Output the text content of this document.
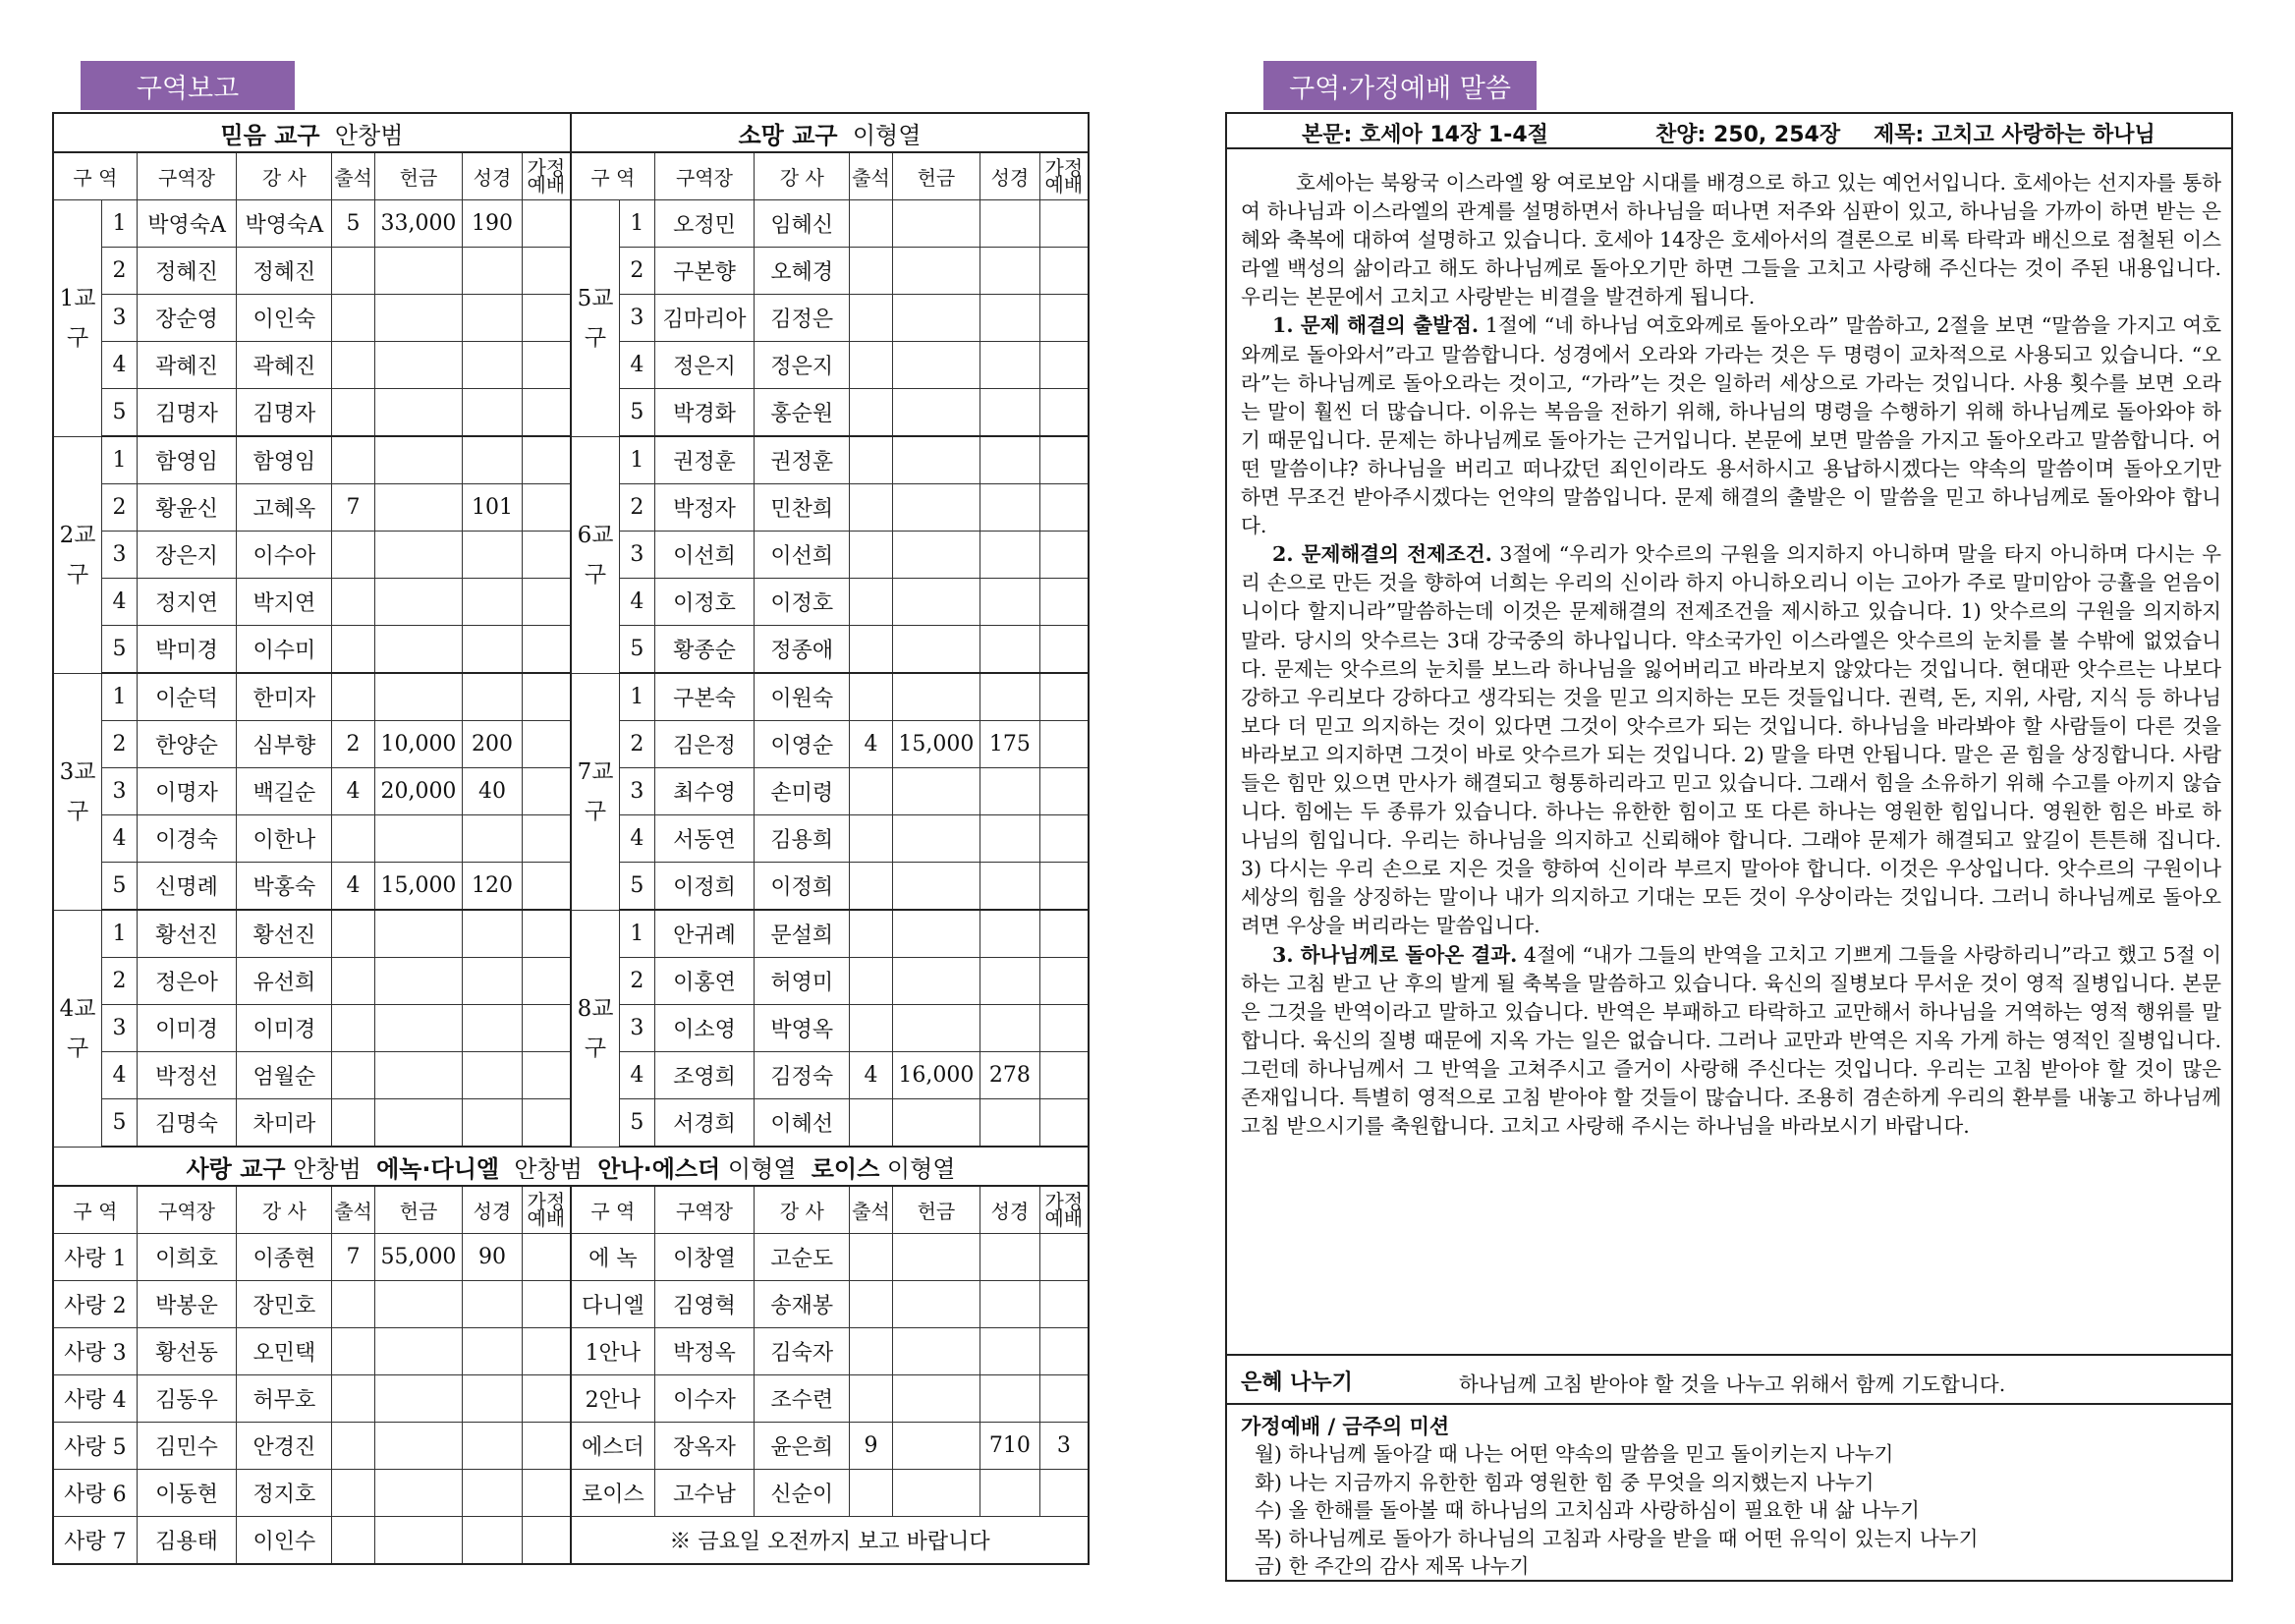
구역보고	구역·가정예배 말씀
믿음 교구 안창범								소망 교구 이형열							
구 역		구역장	강 사	출석	헌금	성경	가정예배	구 역		구역장	강 사	출석	헌금	성경	가정예배
1교구	1	박영숙A	박영숙A	5	33,000	190		5교구	1	오정민	임혜신				
	2	정혜진	정혜진						2	구본향	오혜경				
	3	장순영	이인숙						3	김마리아	김정은				
	4	곽혜진	곽혜진						4	정은지	정은지				
	5	김명자	김명자						5	박경화	홍순원				
2교구	1	함영임	함영임					6교구	1	권정훈	권정훈				
	2	황윤신	고혜옥	7		101			2	박정자	민찬희				
	3	장은지	이수아						3	이선희	이선희				
	4	정지연	박지연						4	이정호	이정호				
	5	박미경	이수미						5	황종순	정종애				
3교구	1	이순덕	한미자					7교구	1	구본숙	이원숙				
	2	한양순	심부향	2	10,000	200			2	김은정	이영순	4	15,000	175	
	3	이명자	백길순	4	20,000	40			3	최수영	손미령				
	4	이경숙	이한나						4	서동연	김용희				
	5	신명례	박홍숙	4	15,000	120			5	이정희	이정희				
4교구	1	황선진	황선진					8교구	1	안귀례	문설희				
	2	정은아	유선희						2	이홍연	허영미				
	3	이미경	이미경						3	이소영	박영옥				
	4	박정선	엄월순						4	조영희	김정숙	4	16,000	278	
	5	김명숙	차미라						5	서경희	이혜선				
사랑 교구 안창범 에녹·다니엘 안창범 안나·에스더 이형열 로이스 이형열															
구 역		구역장	강 사	출석	헌금	성경	가정예배	구 역		구역장	강 사	출석	헌금	성경	가정예배
사랑 1		이희호	이종현	7	55,000	90		에 녹		이창열	고순도				
사랑 2		박봉운	장민호					다니엘		김영혁	송재봉				
사랑 3		황선동	오민택					1안나		박정옥	김숙자				
사랑 4		김동우	허무호					2안나		이수자	조수련				
사랑 5		김민수	안경진					에스더		장옥자	윤은희	9		710	3
사랑 6		이동현	정지호					로이스		고수남	신순이				
사랑 7		김용태	이인수					※ 금요일 오전까지 보고 바랍니다							
본문: 호세아 14장 1-4절	찬양: 250, 254장 제목: 고치고 사랑하는 하나님

호세아는 북왕국 이스라엘 왕 여로보암 시대를 배경으로 하고 있는 예언서입니다. 호세아는 선지자를 통하여 하나님과 이스라엘의 관계를 설명하면서 하나님을 떠나면 저주와 심판이 있고, 하나님을 가까이 하면 받는 은혜와 축복에 대하여 설명하고 있습니다. 호세아 14장은 호세아서의 결론으로 비록 타락과 배신으로 점철된 이스라엘 백성의 삶이라고 해도 하나님께로 돌아오기만 하면 그들을 고치고 사랑해 주신다는 것이 주된 내용입니다. 우리는 본문에서 고치고 사랑받는 비결을 발견하게 됩니다.

1. 문제 해결의 출발점. 1절에 “네 하나님 여호와께로 돌아오라” 말씀하고, 2절을 보면 “말씀을 가지고 여호와께로 돌아와서”라고 말씀합니다. 성경에서 오라와 가라는 것은 두 명령이 교차적으로 사용되고 있습니다. “오라”는 하나님께로 돌아오라는 것이고, “가라”는 것은 일하러 세상으로 가라는 것입니다. 사용 횟수를 보면 오라는 말이 훨씬 더 많습니다. 이유는 복음을 전하기 위해, 하나님의 명령을 수행하기 위해 하나님께로 돌아와야 하기 때문입니다. 문제는 하나님께로 돌아가는 근거입니다. 본문에 보면 말씀을 가지고 돌아오라고 말씀합니다. 어떤 말씀이냐? 하나님을 버리고 떠나갔던 죄인이라도 용서하시고 용납하시겠다는 약속의 말씀이며 돌아오기만 하면 무조건 받아주시겠다는 언약의 말씀입니다. 문제 해결의 출발은 이 말씀을 믿고 하나님께로 돌아와야 합니다.

2. 문제해결의 전제조건. 3절에 “우리가 앗수르의 구원을 의지하지 아니하며 말을 타지 아니하며 다시는 우리 손으로 만든 것을 향하여 너희는 우리의 신이라 하지 아니하오리니 이는 고아가 주로 말미암아 긍휼을 얻음이니이다 할지니라”말씀하는데 이것은 문제해결의 전제조건을 제시하고 있습니다. 1) 앗수르의 구원을 의지하지 말라. 당시의 앗수르는 3대 강국중의 하나입니다. 약소국가인 이스라엘은 앗수르의 눈치를 볼 수밖에 없었습니다. 문제는 앗수르의 눈치를 보느라 하나님을 잃어버리고 바라보지 않았다는 것입니다. 현대판 앗수르는 나보다 강하고 우리보다 강하다고 생각되는 것을 믿고 의지하는 모든 것들입니다. 권력, 돈, 지위, 사람, 지식 등 하나님보다 더 믿고 의지하는 것이 있다면 그것이 앗수르가 되는 것입니다. 하나님을 바라봐야 할 사람들이 다른 것을 바라보고 의지하면 그것이 바로 앗수르가 되는 것입니다. 2) 말을 타면 안됩니다. 말은 곧 힘을 상징합니다. 사람들은 힘만 있으면 만사가 해결되고 형통하리라고 믿고 있습니다. 그래서 힘을 소유하기 위해 수고를 아끼지 않습니다. 힘에는 두 종류가 있습니다. 하나는 유한한 힘이고 또 다른 하나는 영원한 힘입니다. 영원한 힘은 바로 하나님의 힘입니다. 우리는 하나님을 의지하고 신뢰해야 합니다. 그래야 문제가 해결되고 앞길이 튼튼해 집니다. 3) 다시는 우리 손으로 지은 것을 향하여 신이라 부르지 말아야 합니다. 이것은 우상입니다. 앗수르의 구원이나 세상의 힘을 상징하는 말이나 내가 의지하고 기대는 모든 것이 우상이라는 것입니다. 그러니 하나님께로 돌아오려면 우상을 버리라는 말씀입니다.

3. 하나님께로 돌아온 결과. 4절에 “내가 그들의 반역을 고치고 기쁘게 그들을 사랑하리니”라고 했고 5절 이하는 고침 받고 난 후의 발게 될 축복을 말씀하고 있습니다. 육신의 질병보다 무서운 것이 영적 질병입니다. 본문은 그것을 반역이라고 말하고 있습니다. 반역은 부패하고 타락하고 교만해서 하나님을 거역하는 영적 행위를 말합니다. 육신의 질병 때문에 지옥 가는 일은 없습니다. 그러나 교만과 반역은 지옥 가게 하는 영적인 질병입니다. 그런데 하나님께서 그 반역을 고쳐주시고 즐거이 사랑해 주신다는 것입니다. 우리는 고침 받아야 할 것이 많은 존재입니다. 특별히 영적으로 고침 받아야 할 것들이 많습니다. 조용히 겸손하게 우리의 환부를 내놓고 하나님께 고침 받으시기를 축원합니다. 고치고 사랑해 주시는 하나님을 바라보시기 바랍니다.

은혜 나누기	하나님께 고침 받아야 할 것을 나누고 위해서 함께 기도합니다.
가정예배 / 금주의 미션
월) 하나님께 돌아갈 때 나는 어떤 약속의 말씀을 믿고 돌이키는지 나누기
화) 나는 지금까지 유한한 힘과 영원한 힘 중 무엇을 의지했는지 나누기
수) 올 한해를 돌아볼 때 하나님의 고치심과 사랑하심이 필요한 내 삶 나누기
목) 하나님께로 돌아가 하나님의 고침과 사랑을 받을 때 어떤 유익이 있는지 나누기
금) 한 주간의 감사 제목 나누기
